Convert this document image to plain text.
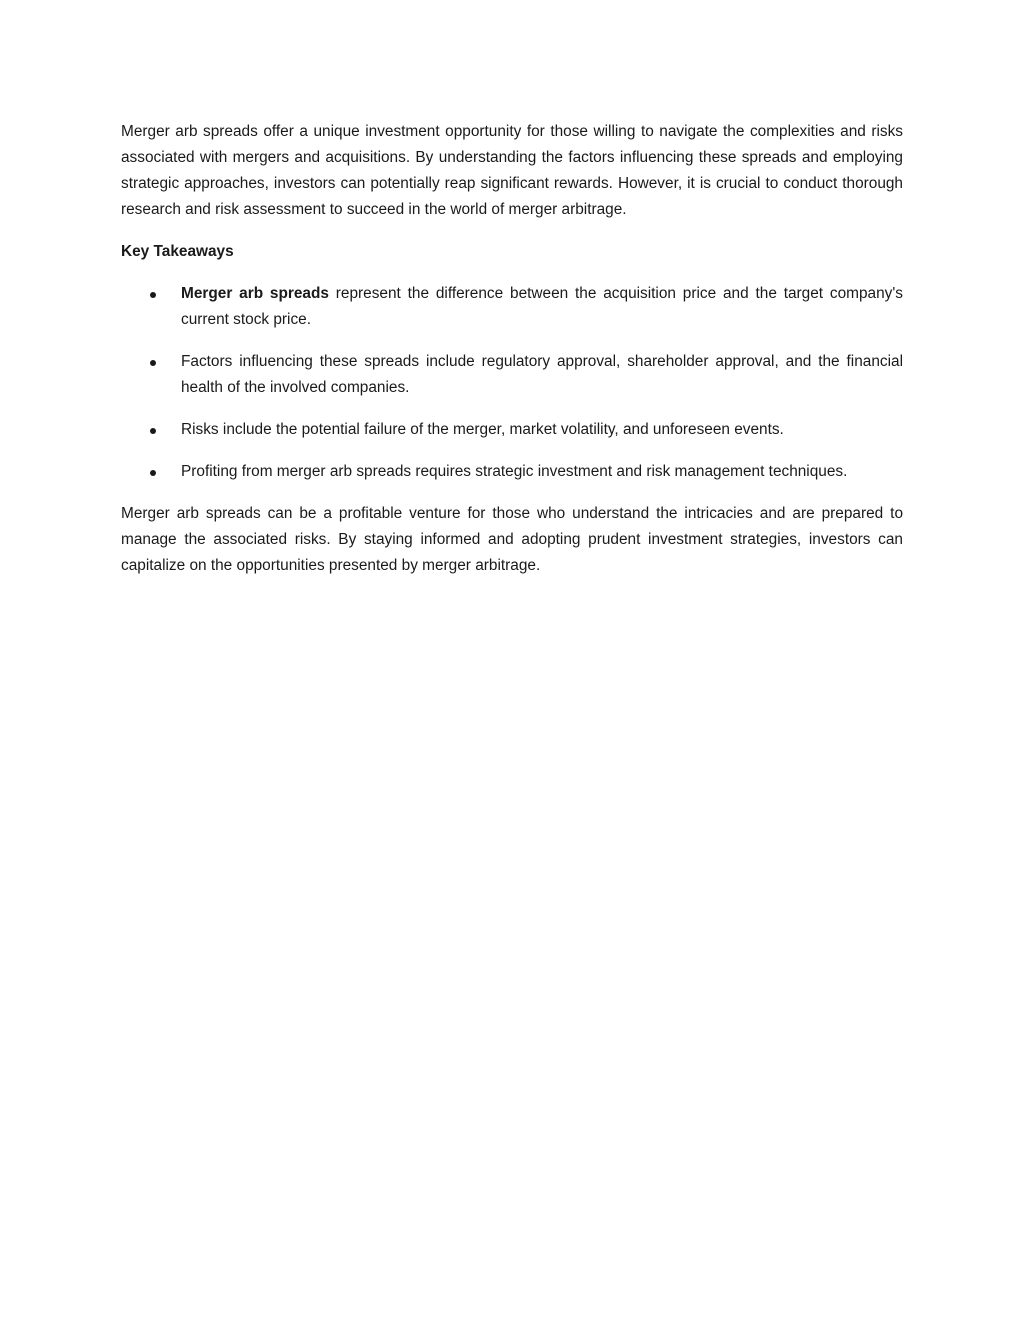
Merger arb spreads offer a unique investment opportunity for those willing to navigate the complexities and risks associated with mergers and acquisitions. By understanding the factors influencing these spreads and employing strategic approaches, investors can potentially reap significant rewards. However, it is crucial to conduct thorough research and risk assessment to succeed in the world of merger arbitrage.

Key Takeaways

Merger arb spreads represent the difference between the acquisition price and the target company's current stock price.
Factors influencing these spreads include regulatory approval, shareholder approval, and the financial health of the involved companies.
Risks include the potential failure of the merger, market volatility, and unforeseen events.
Profiting from merger arb spreads requires strategic investment and risk management techniques.

Merger arb spreads can be a profitable venture for those who understand the intricacies and are prepared to manage the associated risks. By staying informed and adopting prudent investment strategies, investors can capitalize on the opportunities presented by merger arbitrage.
